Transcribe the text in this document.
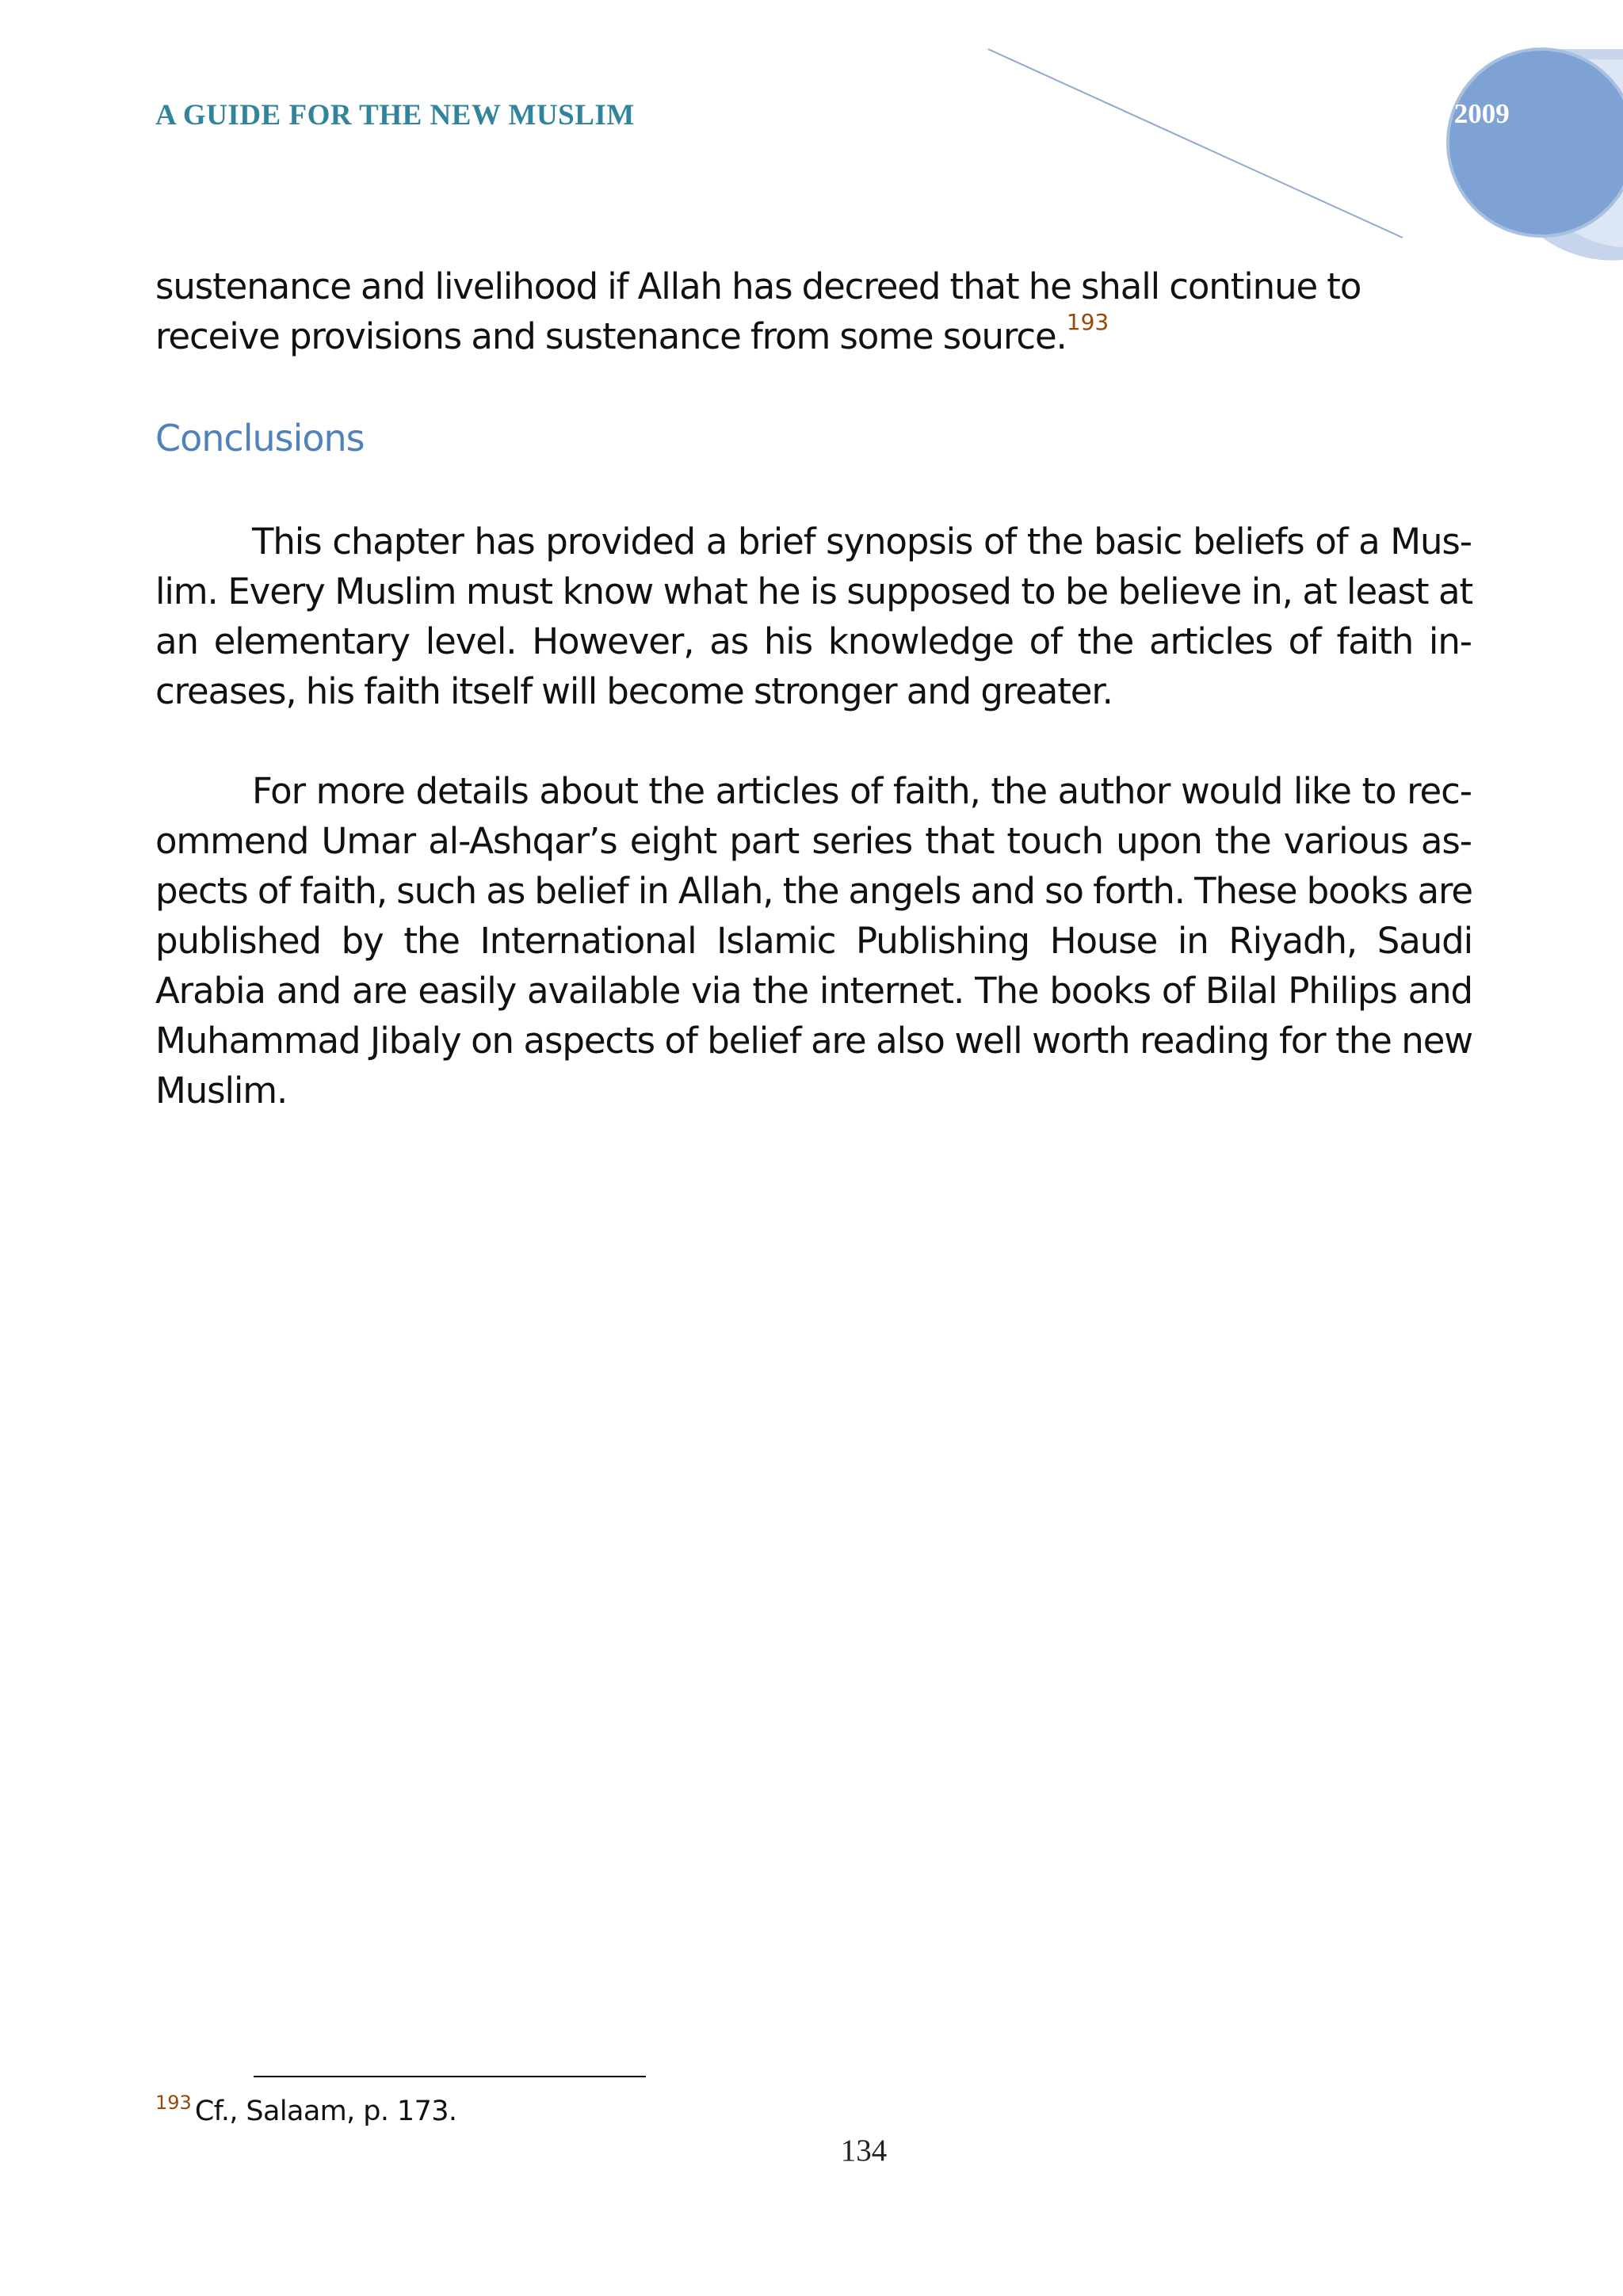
A GUIDE FOR THE NEW MUSLIM	1430 2009
sustenance and livelihood if Allah has decreed that he shall continue to receive provisions and sustenance from some source.$^{193}$
Conclusions
This chapter has provided a brief synopsis of the basic beliefs of a Muslim. Every Muslim must know what he is supposed to be believe in, at least at an elementary level. However, as his knowledge of the articles of faith increases, his faith itself will become stronger and greater.
For more details about the articles of faith, the author would like to recommend Umar al-Ashqar’s eight part series that touch upon the various aspects of faith, such as belief in Allah, the angels and so forth. These books are published by the International Islamic Publishing House in Riyadh, Saudi Arabia and are easily available via the internet. The books of Bilal Philips and Muhammad Jibaly on aspects of belief are also well worth reading for the new Muslim.
$^{193}$ Cf., Salaam, p. 173.
134
